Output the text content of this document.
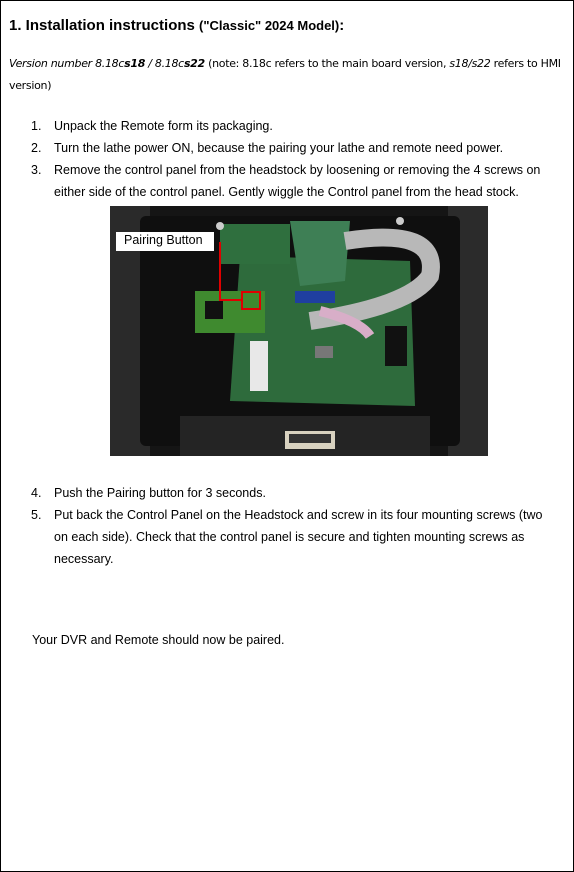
1. Installation instructions ("Classic" 2024 Model):
Version number 8.18cs18 / 8.18cs22 (note: 8.18c refers to the main board version, s18/s22 refers to HMI version)
1.	Unpack the Remote form its packaging.
2.	Turn the lathe power ON, because the pairing your lathe and remote need power.
3.	Remove the control panel from the headstock by loosening or removing the 4 screws on either side of the control panel. Gently wiggle the Control panel from the head stock.
Pairing Button
4.	Push the Pairing button for 3 seconds.
5.	Put back the Control Panel on the Headstock and screw in its four mounting screws (two on each side). Check that the control panel is secure and tighten mounting screws as necessary.
Your DVR and Remote should now be paired.
